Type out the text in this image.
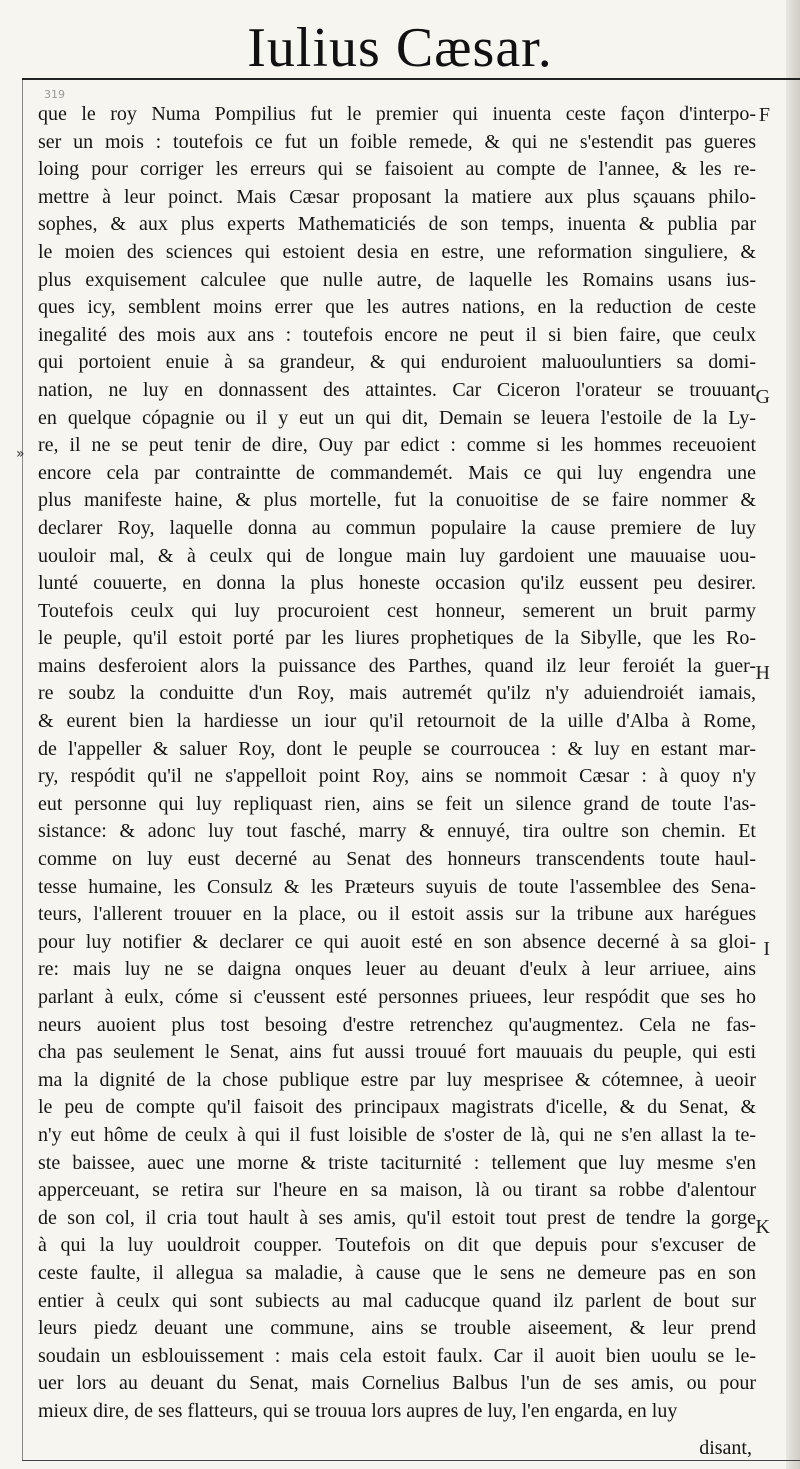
Iulius Cæsar.
319
»
F
G
H
I
K
que le roy Numa Pompilius fut le premier qui inuenta ceste façon d'interpo-
ser un mois : toutefois ce fut un foible remede, & qui ne s'estendit pas gueres
loing pour corriger les erreurs qui se faisoient au compte de l'annee, & les re-
mettre à leur poinct. Mais Cæsar proposant la matiere aux plus sçauans philo-
sophes, & aux plus experts Mathematiciés de son temps, inuenta & publia par
le moien des sciences qui estoient desia en estre, une reformation singuliere, &
plus exquisement calculee que nulle autre, de laquelle les Romains usans ius-
ques icy, semblent moins errer que les autres nations, en la reduction de ceste
inegalité des mois aux ans : toutefois encore ne peut il si bien faire, que ceulx
qui portoient enuie à sa grandeur, & qui enduroient maluouluntiers sa domi-
nation, ne luy en donnassent des attaintes. Car Ciceron l'orateur se trouuant
en quelque cópagnie ou il y eut un qui dit, Demain se leuera l'estoile de la Ly-
re, il ne se peut tenir de dire, Ouy par edict : comme si les hommes receuoient
encore cela par contraintte de commandemét. Mais ce qui luy engendra une
plus manifeste haine, & plus mortelle, fut la conuoitise de se faire nommer &
declarer Roy, laquelle donna au commun populaire la cause premiere de luy
uouloir mal, & à ceulx qui de longue main luy gardoient une mauuaise uou-
lunté couuerte, en donna la plus honeste occasion qu'ilz eussent peu desirer.
Toutefois ceulx qui luy procuroient cest honneur, semerent un bruit parmy
le peuple, qu'il estoit porté par les liures prophetiques de la Sibylle, que les Ro-
mains desferoient alors la puissance des Parthes, quand ilz leur feroiét la guer-
re soubz la conduitte d'un Roy, mais autremét qu'ilz n'y aduiendroiét iamais,
& eurent bien la hardiesse un iour qu'il retournoit de la uille d'Alba à Rome,
de l'appeller & saluer Roy, dont le peuple se courroucea : & luy en estant mar-
ry, respódit qu'il ne s'appelloit point Roy, ains se nommoit Cæsar : à quoy n'y
eut personne qui luy repliquast rien, ains se feit un silence grand de toute l'as-
sistance: & adonc luy tout fasché, marry & ennuyé, tira oultre son chemin. Et
comme on luy eust decerné au Senat des honneurs transcendents toute haul-
tesse humaine, les Consulz & les Præteurs suyuis de toute l'assemblee des Sena-
teurs, l'allerent trouuer en la place, ou il estoit assis sur la tribune aux harégues
pour luy notifier & declarer ce qui auoit esté en son absence decerné à sa gloi-
re: mais luy ne se daigna onques leuer au deuant d'eulx à leur arriuee, ains
parlant à eulx, cóme si c'eussent esté personnes priuees, leur respódit que ses ho
neurs auoient plus tost besoing d'estre retrenchez qu'augmentez. Cela ne fas-
cha pas seulement le Senat, ains fut aussi trouué fort mauuais du peuple, qui esti
ma la dignité de la chose publique estre par luy mesprisee & cótemnee, à ueoir
le peu de compte qu'il faisoit des principaux magistrats d'icelle, & du Senat, &
n'y eut hôme de ceulx à qui il fust loisible de s'oster de là, qui ne s'en allast la te-
ste baissee, auec une morne & triste taciturnité : tellement que luy mesme s'en
apperceuant, se retira sur l'heure en sa maison, là ou tirant sa robbe d'alentour
de son col, il cria tout hault à ses amis, qu'il estoit tout prest de tendre la gorge
à qui la luy uouldroit coupper. Toutefois on dit que depuis pour s'excuser de
ceste faulte, il allegua sa maladie, à cause que le sens ne demeure pas en son
entier à ceulx qui sont subiects au mal caducque quand ilz parlent de bout sur
leurs piedz deuant une commune, ains se trouble aiseement, & leur prend
soudain un esblouissement : mais cela estoit faulx. Car il auoit bien uoulu se le-
uer lors au deuant du Senat, mais Cornelius Balbus l'un de ses amis, ou pour
mieux dire, de ses flatteurs, qui se trouua lors aupres de luy, l'en engarda, en luy
disant,
